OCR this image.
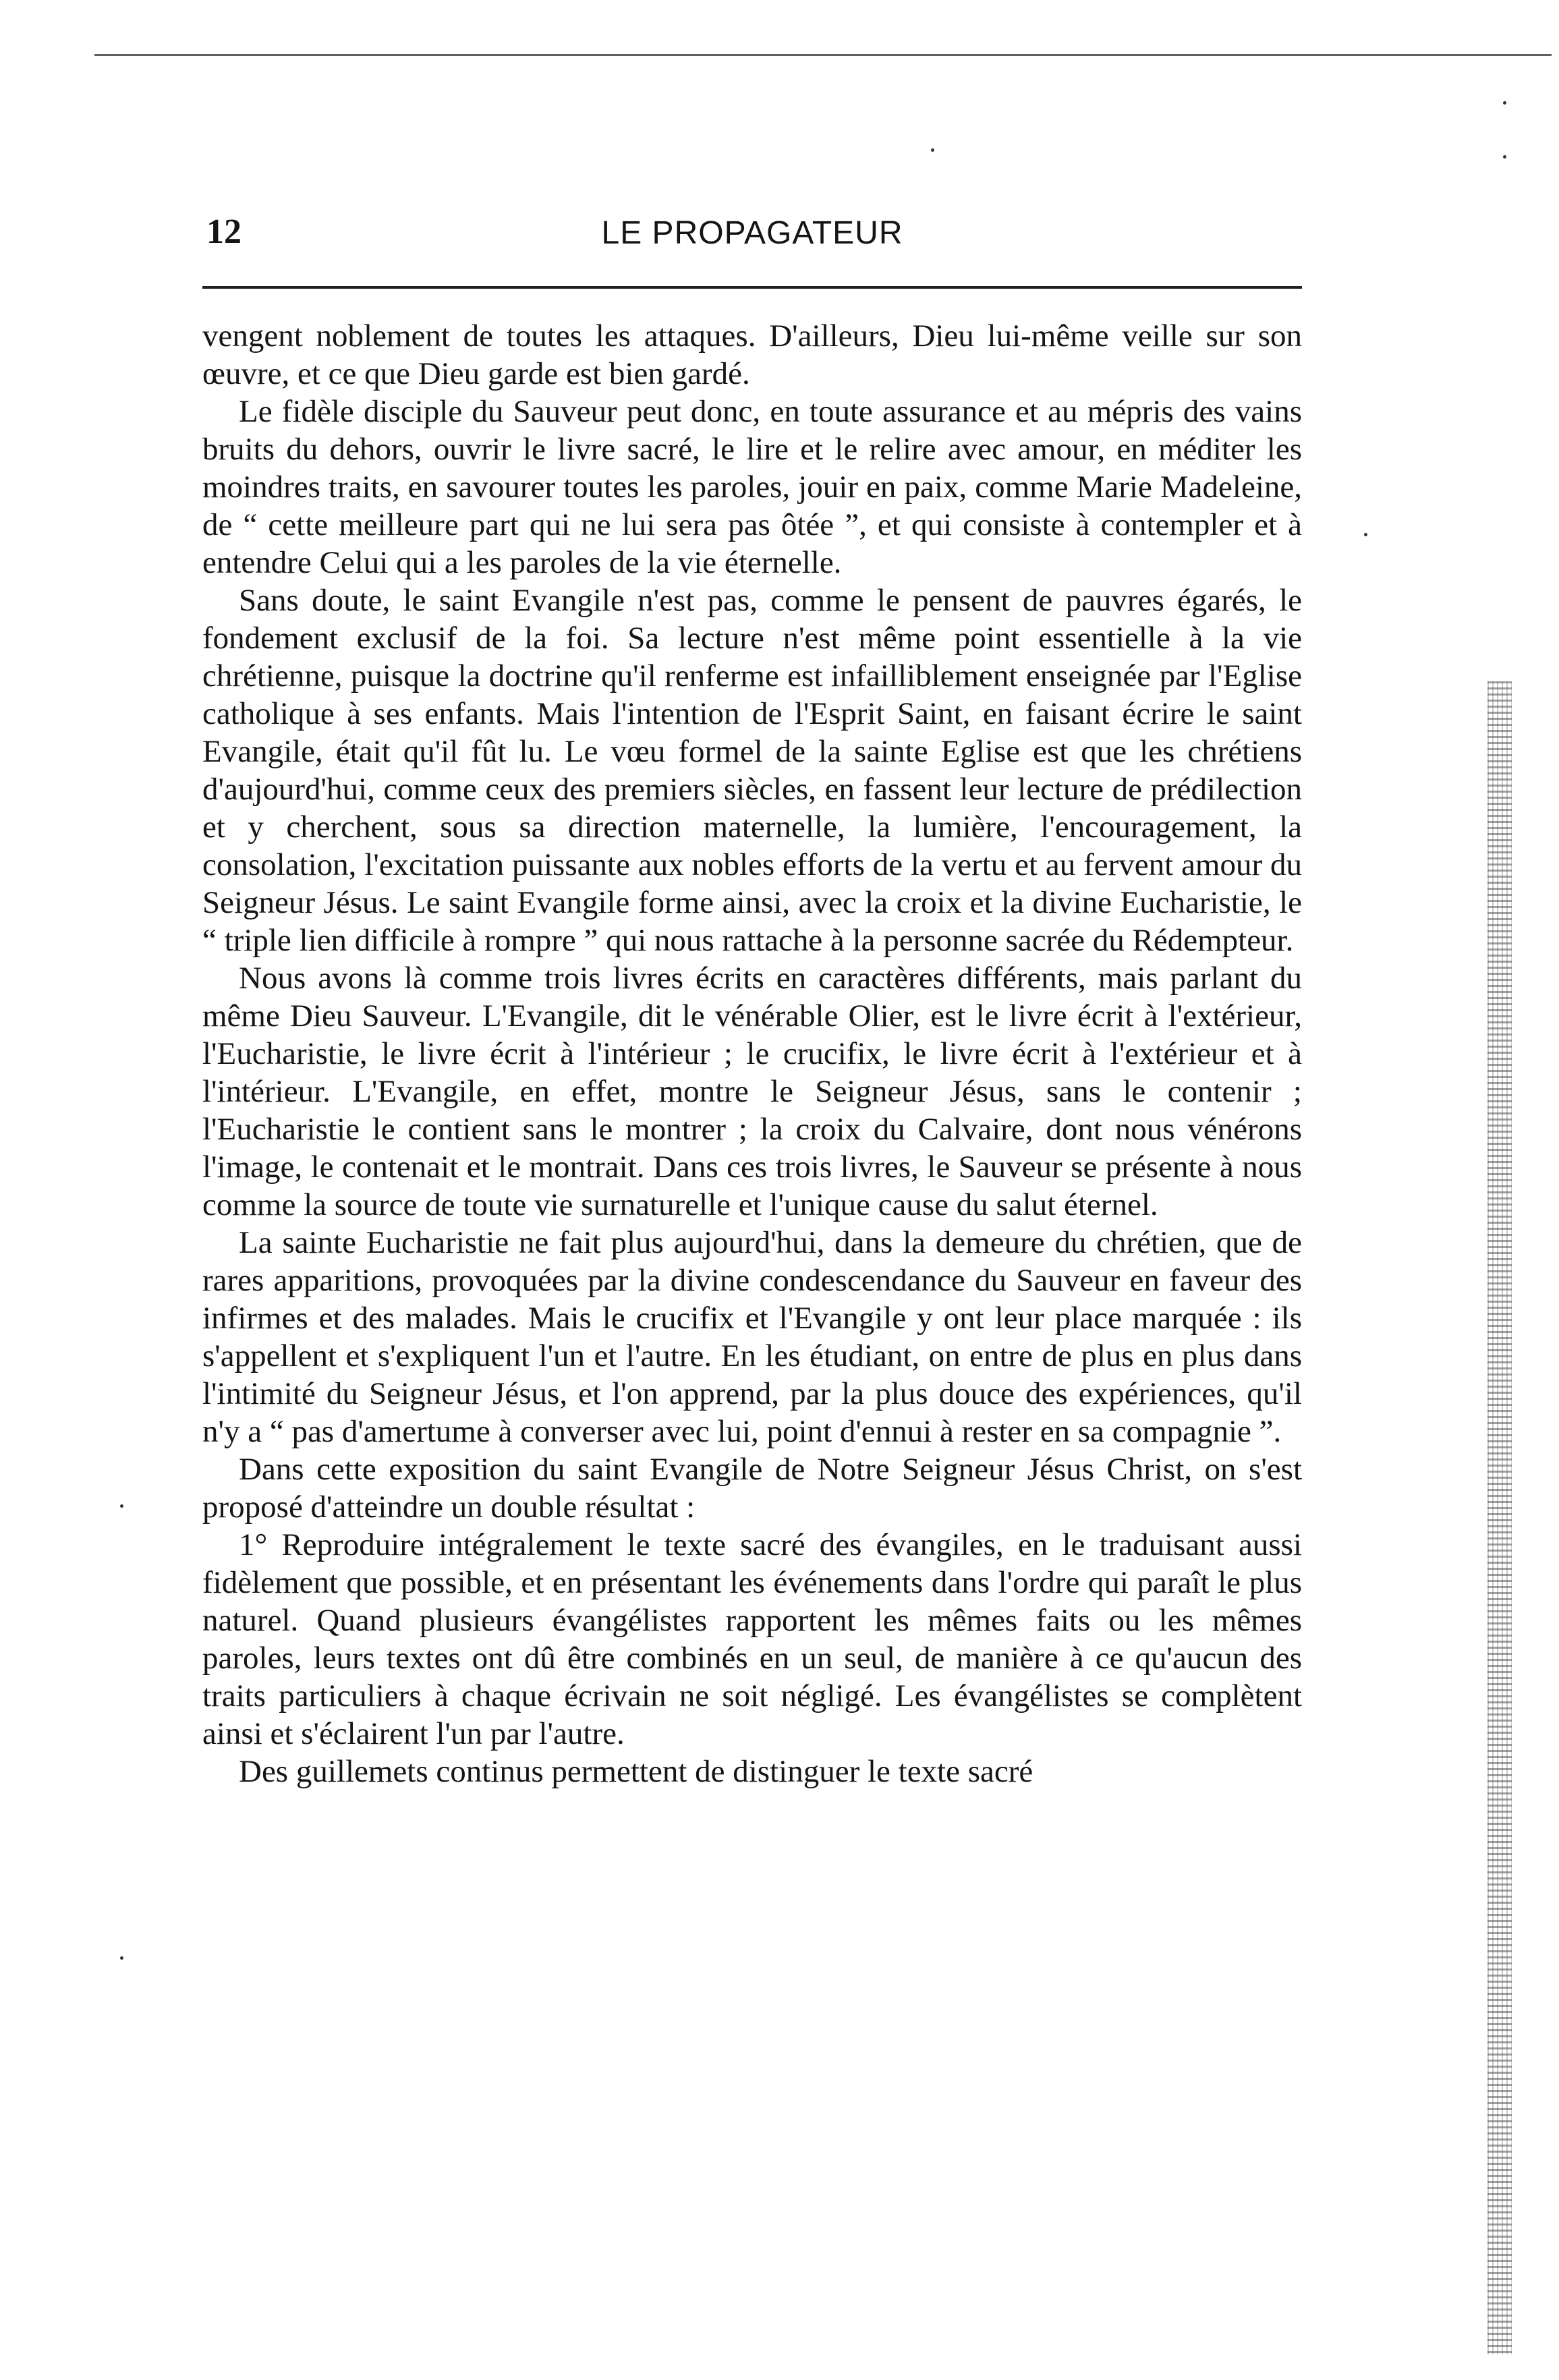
12	LE PROPAGATEUR

vengent noblement de toutes les attaques. D'ailleurs, Dieu lui-même veille sur son œuvre, et ce que Dieu garde est bien gardé.

Le fidèle disciple du Sauveur peut donc, en toute assurance et au mépris des vains bruits du dehors, ouvrir le livre sacré, le lire et le relire avec amour, en méditer les moindres traits, en savourer toutes les paroles, jouir en paix, comme Marie Madeleine, de “ cette meilleure part qui ne lui sera pas ôtée ”, et qui consiste à contempler et à entendre Celui qui a les paroles de la vie éternelle.

Sans doute, le saint Evangile n'est pas, comme le pensent de pauvres égarés, le fondement exclusif de la foi. Sa lecture n'est même point essentielle à la vie chrétienne, puisque la doctrine qu'il renferme est infailliblement enseignée par l'Eglise catholique à ses enfants. Mais l'intention de l'Esprit Saint, en faisant écrire le saint Evangile, était qu'il fût lu. Le vœu formel de la sainte Eglise est que les chrétiens d'aujourd'hui, comme ceux des premiers siècles, en fassent leur lecture de prédilection et y cherchent, sous sa direction maternelle, la lumière, l'encouragement, la consolation, l'excitation puissante aux nobles efforts de la vertu et au fervent amour du Seigneur Jésus. Le saint Evangile forme ainsi, avec la croix et la divine Eucharistie, le “ triple lien difficile à rompre ” qui nous rattache à la personne sacrée du Rédempteur.

Nous avons là comme trois livres écrits en caractères différents, mais parlant du même Dieu Sauveur. L'Evangile, dit le vénérable Olier, est le livre écrit à l'extérieur, l'Eucharistie, le livre écrit à l'intérieur ; le crucifix, le livre écrit à l'extérieur et à l'intérieur. L'Evangile, en effet, montre le Seigneur Jésus, sans le contenir ; l'Eucharistie le contient sans le montrer ; la croix du Calvaire, dont nous vénérons l'image, le contenait et le montrait. Dans ces trois livres, le Sauveur se présente à nous comme la source de toute vie surnaturelle et l'unique cause du salut éternel.

La sainte Eucharistie ne fait plus aujourd'hui, dans la demeure du chrétien, que de rares apparitions, provoquées par la divine condescendance du Sauveur en faveur des infirmes et des malades. Mais le crucifix et l'Evangile y ont leur place marquée : ils s'appellent et s'expliquent l'un et l'autre. En les étudiant, on entre de plus en plus dans l'intimité du Seigneur Jésus, et l'on apprend, par la plus douce des expériences, qu'il n'y a “ pas d'amertume à converser avec lui, point d'ennui à rester en sa compagnie ”.

Dans cette exposition du saint Evangile de Notre Seigneur Jésus Christ, on s'est proposé d'atteindre un double résultat :

1° Reproduire intégralement le texte sacré des évangiles, en le traduisant aussi fidèlement que possible, et en présentant les événements dans l'ordre qui paraît le plus naturel. Quand plusieurs évangélistes rapportent les mêmes faits ou les mêmes paroles, leurs textes ont dû être combinés en un seul, de manière à ce qu'aucun des traits particuliers à chaque écrivain ne soit négligé. Les évangélistes se complètent ainsi et s'éclairent l'un par l'autre.

Des guillemets continus permettent de distinguer le texte sacré
